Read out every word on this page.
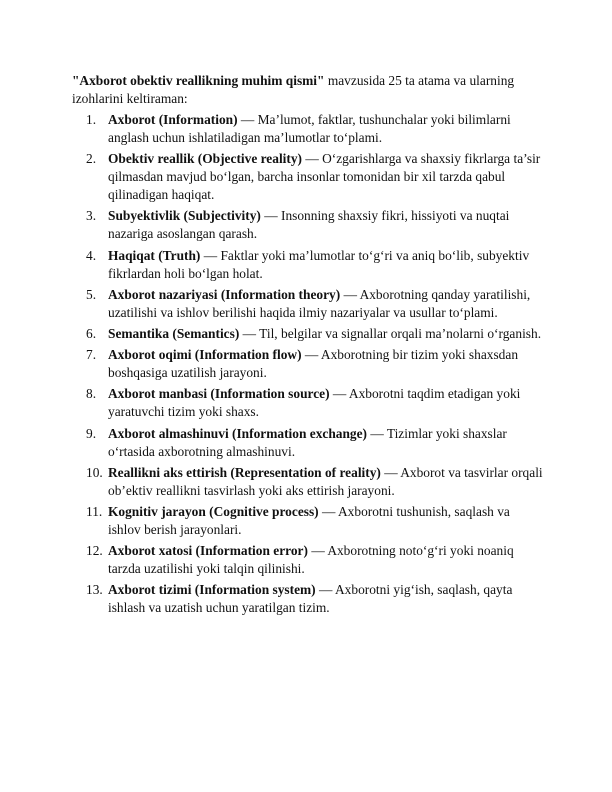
"Axborot obektiv reallikning muhim qismi" mavzusida 25 ta atama va ularning izohlarini keltiraman:

1. Axborot (Information) — Ma’lumot, faktlar, tushunchalar yoki bilimlarni anglash uchun ishlatiladigan ma’lumotlar to‘plami.
2. Obektiv reallik (Objective reality) — O‘zgarishlarga va shaxsiy fikrlarga ta’sir qilmasdan mavjud bo‘lgan, barcha insonlar tomonidan bir xil tarzda qabul qilinadigan haqiqat.
3. Subyektivlik (Subjectivity) — Insonning shaxsiy fikri, hissiyoti va nuqtai nazariga asoslangan qarash.
4. Haqiqat (Truth) — Faktlar yoki ma’lumotlar to‘g‘ri va aniq bo‘lib, subyektiv fikrlardan holi bo‘lgan holat.
5. Axborot nazariyasi (Information theory) — Axborotning qanday yaratilishi, uzatilishi va ishlov berilishi haqida ilmiy nazariyalar va usullar to‘plami.
6. Semantika (Semantics) — Til, belgilar va signallar orqali ma’nolarni o‘rganish.
7. Axborot oqimi (Information flow) — Axborotning bir tizim yoki shaxsdan boshqasiga uzatilish jarayoni.
8. Axborot manbasi (Information source) — Axborotni taqdim etadigan yoki yaratuvchi tizim yoki shaxs.
9. Axborot almashinuvi (Information exchange) — Tizimlar yoki shaxslar o‘rtasida axborotning almashinuvi.
10. Reallikni aks ettirish (Representation of reality) — Axborot va tasvirlar orqali ob’ektiv reallikni tasvirlash yoki aks ettirish jarayoni.
11. Kognitiv jarayon (Cognitive process) — Axborotni tushunish, saqlash va ishlov berish jarayonlari.
12. Axborot xatosi (Information error) — Axborotning noto‘g‘ri yoki noaniq tarzda uzatilishi yoki talqin qilinishi.
13. Axborot tizimi (Information system) — Axborotni yig‘ish, saqlash, qayta ishlash va uzatish uchun yaratilgan tizim.
